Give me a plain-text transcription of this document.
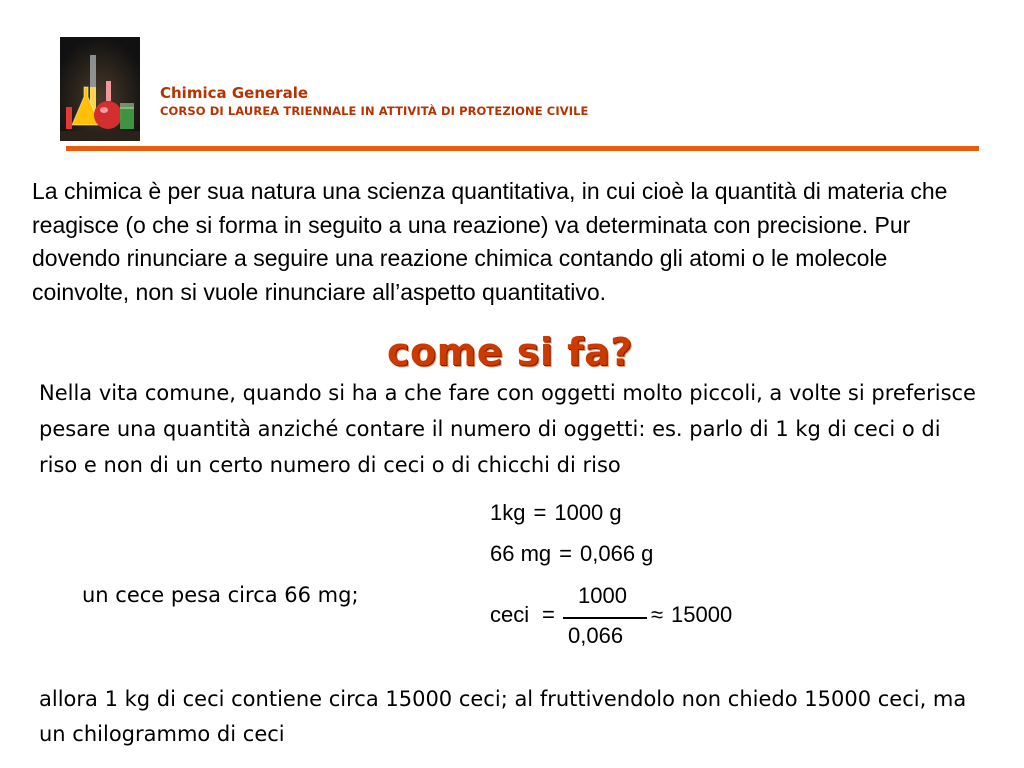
Chimica Generale
CORSO DI LAUREA TRIENNALE IN ATTIVITÀ DI PROTEZIONE CIVILE

La chimica è per sua natura una scienza quantitativa, in cui cioè la quantità di materia che reagisce (o che si forma in seguito a una reazione) va determinata con precisione. Pur dovendo rinunciare a seguire una reazione chimica contando gli atomi o le molecole coinvolte, non si vuole rinunciare all’aspetto quantitativo.

come si fa?

Nella vita comune, quando si ha a che fare con oggetti molto piccoli, a volte si preferisce pesare una quantità anziché contare il numero di oggetti: es. parlo di 1 kg di ceci o di riso e non di un certo numero di ceci o di chicchi di riso

1kg = 1000 g
66 mg = 0,066 g
un cece pesa circa 66 mg;
ceci =
1000
0,066
≈ 15000

allora 1 kg di ceci contiene circa 15000 ceci; al fruttivendolo non chiedo 15000 ceci, ma un chilogrammo di ceci
